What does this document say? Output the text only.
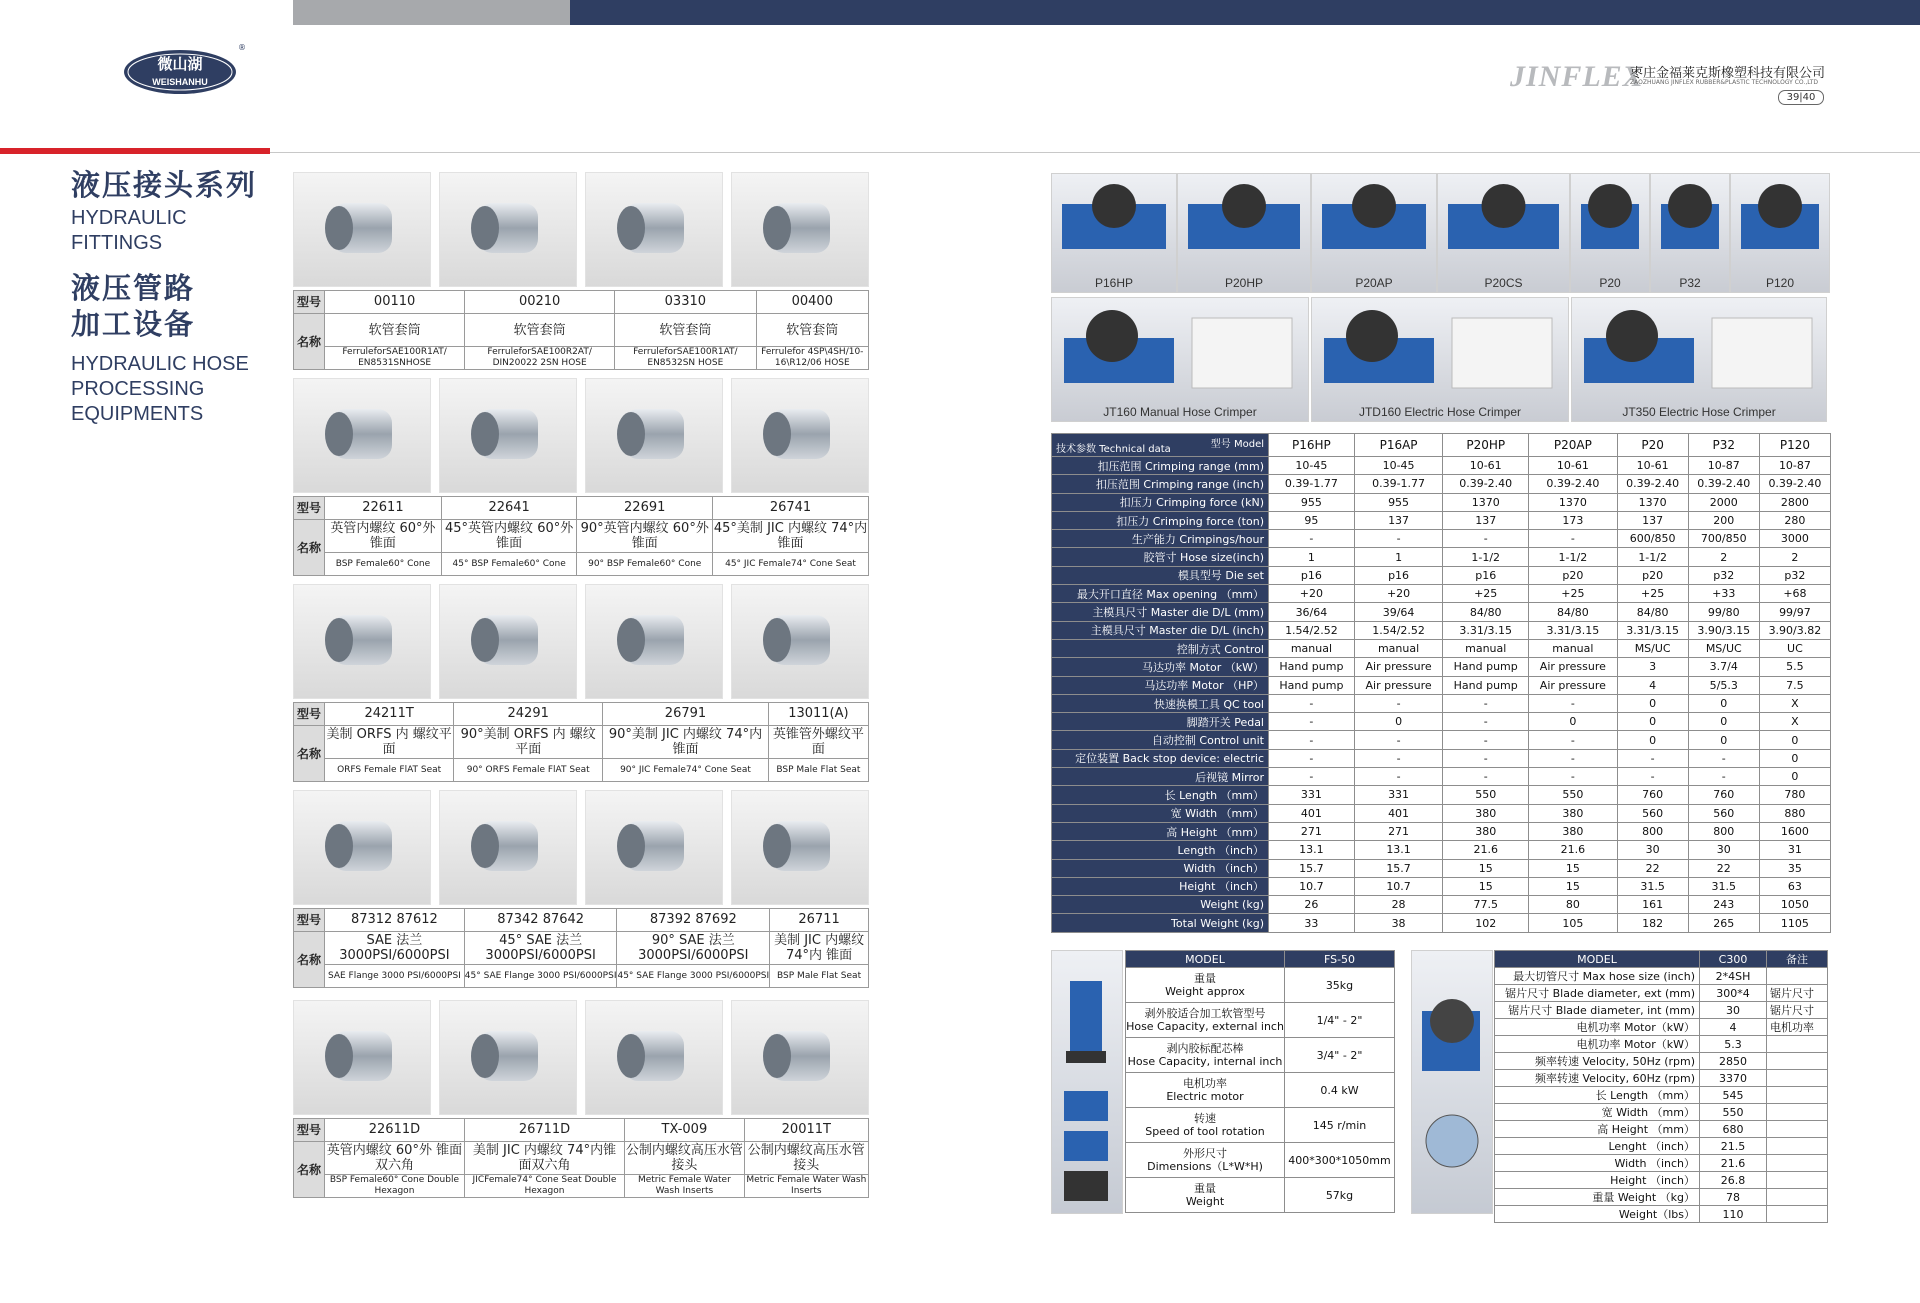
微山湖
WEISHANHU
®
JINFLEX
枣庄金福莱克斯橡塑科技有限公司
ZAOZHUANG JINFLEX RUBBER&PLASTIC TECHNOLOGY CO.,LTD
39|40
液压接头系列
HYDRAULIC
FITTINGS
液压管路
加工设备
HYDRAULIC HOSE
PROCESSING
EQUIPMENTS
型号	00110	00210	03310	00400
名称	软管套筒	软管套筒	软管套筒	软管套筒
	FerruleforSAE100R1AT/ EN8531SNHOSE	FerruleforSAE100R2AT/ DIN20022 2SN HOSE	FerruleforSAE100R1AT/ EN8532SN HOSE	Ferrulefor 4SP\4SH/10-16\R12/06 HOSE
型号	22611	22641	22691	26741
名称	英管内螺纹 60°外锥面	45°英管内螺纹 60°外锥面	90°英管内螺纹 60°外锥面	45°美制 JIC 内螺纹 74°内锥面
	BSP Female60° Cone	45° BSP Female60° Cone	90° BSP Female60° Cone	45° JIC Female74° Cone Seat
型号	24211T	24291	26791	13011(A)
名称	美制 ORFS 内 螺纹平面	90°美制 ORFS 内 螺纹平面	90°美制 JIC 内螺纹 74°内锥面	英锥管外螺纹平面
	ORFS Female FlAT Seat	90° ORFS Female FlAT Seat	90° JIC Female74° Cone Seat	BSP Male Flat Seat
型号	87312 87612	87342 87642	87392 87692	26711
名称	SAE 法兰 3000PSI/6000PSI	45° SAE 法兰 3000PSI/6000PSI	90° SAE 法兰 3000PSI/6000PSI	美制 JIC 内螺纹 74°内 锥面
	SAE Flange 3000 PSI/6000PSI	45° SAE Flange 3000 PSI/6000PSI	45° SAE Flange 3000 PSI/6000PSI	BSP Male Flat Seat
型号	22611D	26711D	TX-009	20011T
名称	英管内螺纹 60°外 锥面双六角	美制 JIC 内螺纹 74°内锥 面双六角	公制内螺纹高压水管 接头	公制内螺纹高压水管 接头
	BSP Female60° Cone Double Hexagon	JICFemale74° Cone Seat Double Hexagon	Metric Female Water Wash Inserts	Metric Female Water Wash Inserts
P16HP	P20HP	P20AP	P20CS	P20	P32	P120
JT160 Manual Hose Crimper	JTD160 Electric Hose Crimper	JT350 Electric Hose Crimper
型号 Model
技术参数 Technical data	P16HP	P16AP	P20HP	P20AP	P20	P32	P120
扣压范围 Crimping range (mm)	10-45	10-45	10-61	10-61	10-61	10-87	10-87
扣压范围 Crimping range (inch)	0.39-1.77	0.39-1.77	0.39-2.40	0.39-2.40	0.39-2.40	0.39-2.40	0.39-2.40
扣压力 Crimping force (kN)	955	955	1370	1370	1370	2000	2800
扣压力 Crimping force (ton)	95	137	137	173	137	200	280
生产能力 Crimpings/hour	-	-	-	-	600/850	700/850	3000
胶管寸 Hose size(inch)	1	1	1-1/2	1-1/2	1-1/2	2	2
模具型号 Die set	p16	p16	p16	p20	p20	p32	p32
最大开口直径 Max opening （mm）	+20	+20	+25	+25	+25	+33	+68
主模具尺寸 Master die D/L (mm)	36/64	39/64	84/80	84/80	84/80	99/80	99/97
主模具尺寸 Master die D/L (inch)	1.54/2.52	1.54/2.52	3.31/3.15	3.31/3.15	3.31/3.15	3.90/3.15	3.90/3.82
控制方式 Control	manual	manual	manual	manual	MS/UC	MS/UC	UC
马达功率 Motor （kW）	Hand pump	Air pressure	Hand pump	Air pressure	3	3.7/4	5.5
马达功率 Motor （HP）	Hand pump	Air pressure	Hand pump	Air pressure	4	5/5.3	7.5
快速换模工具 QC tool	-	-	-	-	0	0	X
脚踏开关 Pedal	-	0	-	0	0	0	X
自动控制 Control unit	-	-	-	-	0	0	0
定位装置 Back stop device: electric	-	-	-	-	-	-	0
后视镜 Mirror	-	-	-	-	-	-	0
长 Length （mm）	331	331	550	550	760	760	780
宽 Width （mm）	401	401	380	380	560	560	880
高 Height （mm）	271	271	380	380	800	800	1600
Length （inch）	13.1	13.1	21.6	21.6	30	30	31
Width （inch）	15.7	15.7	15	15	22	22	35
Height （inch）	10.7	10.7	15	15	31.5	31.5	63
Weight (kg)	26	28	77.5	80	161	243	1050
Total Weight (kg)	33	38	102	105	182	265	1105
MODEL	FS-50

重量
Weight approx	35kg

剥外胶适合加工软管型号
Hose Capacity, external inch	1/4" - 2"

剥内胶标配芯棒
Hose Capacity, internal inch	3/4" - 2"

电机功率
Electric motor	0.4 kW

转速
Speed of tool rotation	145 r/min

外形尺寸
Dimensions（L*W*H)	400*300*1050mm

重量
Weight	57kg
MODEL	C300	备注
最大切管尺寸 Max hose size (inch)	2*4SH	
锯片尺寸 Blade diameter, ext (mm)	300*4	锯片尺寸
锯片尺寸 Blade diameter, int (mm)	30	锯片尺寸
电机功率 Motor（kW）	4	电机功率
电机功率 Motor（kW）	5.3	
频率转速 Velocity, 50Hz (rpm)	2850	
频率转速 Velocity, 60Hz (rpm)	3370	
长 Length （mm）	545	
宽 Width （mm）	550	
高 Height （mm）	680	
Lenght （inch）	21.5	
Width （inch）	21.6	
Height （inch）	26.8	
重量 Weight （kg）	78	
Weight（lbs）	110	
